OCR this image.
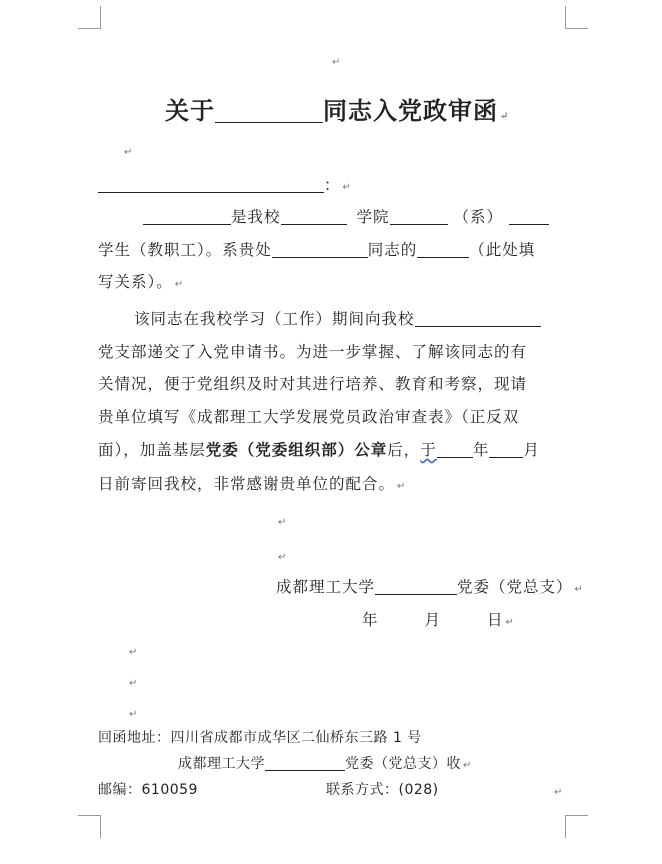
↵
关于	同志入党政审函 ↵
↵
： ↵
是我校	学院	（系）
学生（教职工）。系贵处	同志的	（此处填
写关系）。 ↵
该同志在我校学习（工作）期间向我校
党支部递交了入党申请书。为进一步掌握、了解该同志的有
关情况，便于党组织及时对其进行培养、教育和考察，现请
贵单位填写《成都理工大学发展党员政治审查表》（正反双
面），加盖基层党委（党委组织部）公章后，于 年 月
日前寄回我校，非常感谢贵单位的配合。 ↵
↵
↵
成都理工大学	党委（党总支） ↵
年	月	日 ↵
↵
↵
↵
回函地址：四川省成都市成华区二仙桥东三路 1 号
成都理工大学	党委（党总支）收 ↵
邮编：610059	联系方式：(028)	↵
